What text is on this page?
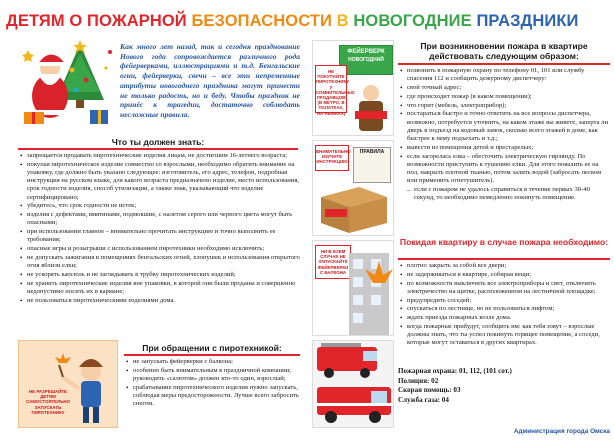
ДЕТЯМ О ПОЖАРНОЙ БЕЗОПАСНОСТИ В НОВОГОДНИЕ ПРАЗДНИКИ
Как много лет назад, так и сегодня празднование Нового года сопровождается различного рода фейерверками, иллюстрациями и т.д. Бенгальские огни, фейерверки, свечи – все эти непременные атрибуты новогоднего праздника могут принести не только радость, но и беду. Чтобы праздник не принёс к трагедии, достаточно соблюдать несложные правила.
Что ты должен знать:
• запрещается продавать пиротехнические изделия лицам, не достигшим 16-летнего возраста;
• покупая пиротехническое изделие совместно со взрослыми, необходимо обратить внимание на упаковку, где должно быть указано следующее: изготовитель, его адрес, телефон, подробная инструкция на русском языке, для какого возраста предназначено изделие, место использования, срок годности изделия, способ утилизации, а также знак, указывающий что изделие сертифицировано;
• убедитесь, что срок годности не истек;
• изделия с дефектами, вмятинами, подмокшие, с налетом серого или черного цвета могут быть опасными;
• при использовании главное – внимательно прочитать инструкцию и точно выполнить ее требования;
• опасные игры и розыгрыши с использованием пиротехники необходимо исключить;
• не допускать зажигания в помещениях бенгальских огней, хлопушек и использования открытого огня вблизи елки;
• не ускорять капсюль и не заглядывать в трубку пиротехнических изделий;
• не хранить пиротехнические изделия вне упаковки, в которой они были проданы и совершенно недопустимо носить их в кармане;
• не пользоваться пиротехническими изделиями дома.
НЕ РАЗРЕШАЙТЕ ДЕТЯМ САМОСТОЯТЕЛЬНО ЗАПУСКАТЬ ПИРОТЕХНИКУ
При обращении с пиротехникой:
• не запускать фейерверки с балкона;
• особенно быть внимательным в праздничной компании; руководить «салютом» должен кто-то один, взрослый;
• срабатывание пиротехнического изделия нужно запускать, соблюдая меры предосторожности. Лучше всего забросить снегом.
ФЕЙЕРВЕРК
НОВОГОДНИЙ
НЕ ПОКУПАЙТЕ ПИРОТЕХНИКУ У СОМНИТЕЛЬНЫХ ПРОДАВЦОВ (В МЕТРО, В ПАЛАТКАХ, НА РЫНКАХ)
ВНИМАТЕЛЬНО ИЗУЧИТЕ ИНСТРУКЦИЮ
ПРАВИЛА
НИ В КОЕМ СЛУЧАЕ НЕ ЗАПУСКАЙТЕ ФЕЙЕРВЕРКИ С БАЛКОНА
При возникновении пожара в квартире действовать следующим образом:
• позвонить в пожарную охрану по телефону 01, 101 или службу спасения 112 и сообщить дежурному диспетчеру:
• свой точный адрес;
• где происходит пожар (в каком помещении);
• что горит (мебель, электроприбор);
• постараться быстро и точно ответить на все вопросы диспетчера, возможно, потребуется уточнить, на каком этаже вы живете, заперта ли дверь в подъезд на кодовый замок, сколько всего этажей в доме, как быстрее к нему подъехать и т.д.;
• вывести из помещения детей и престарелых;
• если загорелась елка – обесточить электрическую гирлянду. По возможности приступить к тушению елки. Для этого повалить ее на пол, накрыть плотной тканью, потом залить водой (забросать песком или применить огнетушитель).
– если с пожаром не удалось справиться в течение первых 30-40 секунд, то необходимо немедленно покинуть помещение.
Покидая квартиру в случае пожара необходимо:
• плотно закрыть за собой все двери;
• не задерживаться в квартире, собирая вещи;
• по возможности выключить все электроприборы и свет, отключить электричество на щитке, расположенном на лестничной площадке;
• предупредить соседей;
• спускаться по лестнице, но не пользоваться лифтом;
• ждать приезда пожарных возле дома.
• когда пожарные прибудут, сообщить им: как тебя зовут – взрослые должны знать, что ты успел покинуть горящее помещение, а соседи, которые могут оставаться в других квартирах.
Пожарная охрана: 01, 112, (101 сот.)
Полиция: 02
Скорая помощь: 03
Служба газа: 04
Администрация города Омска
